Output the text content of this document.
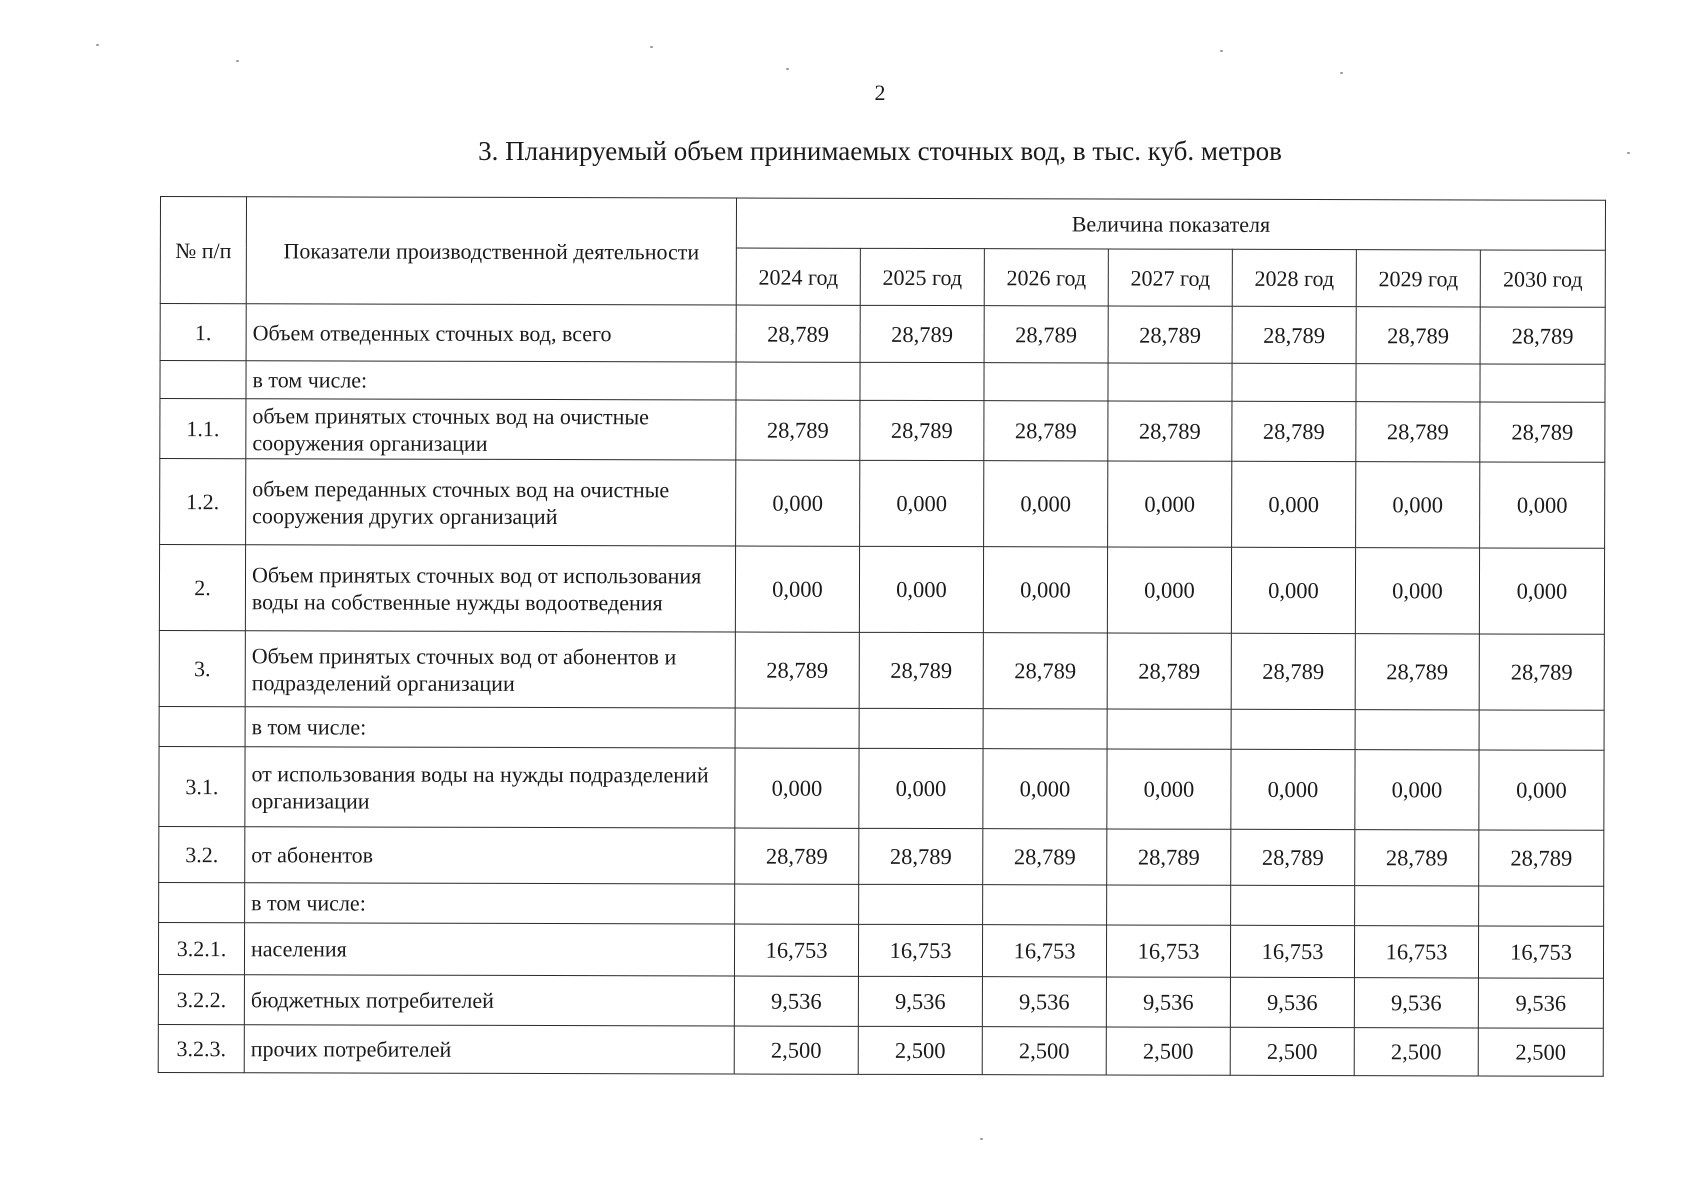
2
3. Планируемый объем принимаемых сточных вод, в тыс. куб. метров
№ п/п	Показатели производственной деятельности	Величина показателя						
		2024 год	2025 год	2026 год	2027 год	2028 год	2029 год	2030 год
1.	Объем отведенных сточных вод, всего	28,789	28,789	28,789	28,789	28,789	28,789	28,789
	в том числе:							
1.1.	объем принятых сточных вод на очистные сооружения организации	28,789	28,789	28,789	28,789	28,789	28,789	28,789
1.2.	объем переданных сточных вод на очистные сооружения других организаций	0,000	0,000	0,000	0,000	0,000	0,000	0,000
2.	Объем принятых сточных вод от использования воды на собственные нужды водоотведения	0,000	0,000	0,000	0,000	0,000	0,000	0,000
3.	Объем принятых сточных вод от абонентов и подразделений организации	28,789	28,789	28,789	28,789	28,789	28,789	28,789
	в том числе:							
3.1.	от использования воды на нужды подразделений организации	0,000	0,000	0,000	0,000	0,000	0,000	0,000
3.2.	от абонентов	28,789	28,789	28,789	28,789	28,789	28,789	28,789
	в том числе:							
3.2.1.	населения	16,753	16,753	16,753	16,753	16,753	16,753	16,753
3.2.2.	бюджетных потребителей	9,536	9,536	9,536	9,536	9,536	9,536	9,536
3.2.3.	прочих потребителей	2,500	2,500	2,500	2,500	2,500	2,500	2,500
